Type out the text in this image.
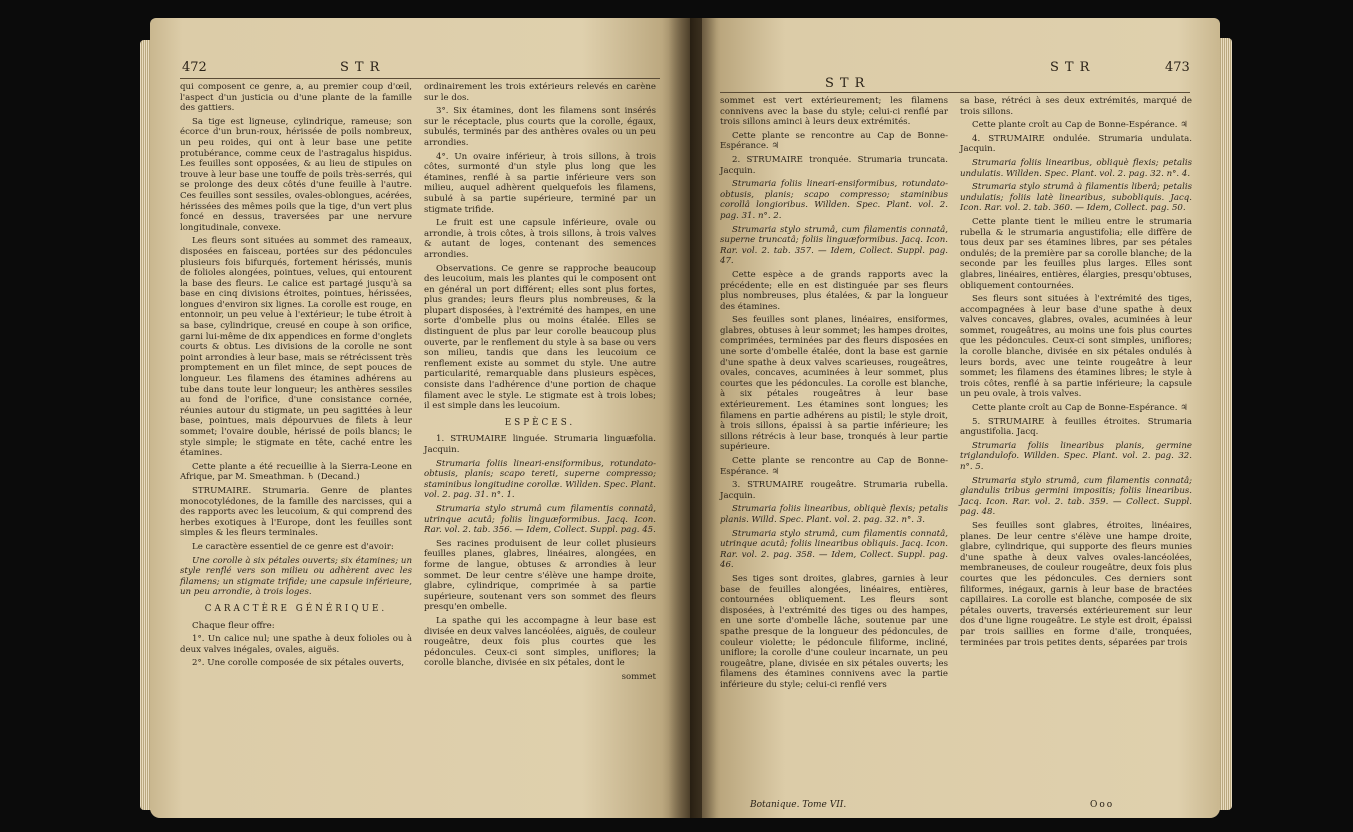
472	STR

qui composent ce genre, a, au premier coup d'œil, l'aspect d'un justicia ou d'une plante de la famille des gattiers.

Sa tige est ligneuse, cylindrique, rameuse; son écorce d'un brun-roux, hérissée de poils nombreux, un peu roides, qui ont à leur base une petite protubérance, comme ceux de l'astragalus hispidus. Les feuilles sont opposées, & au lieu de stipules on trouve à leur base une touffe de poils très-serrés, qui se prolonge des deux côtés d'une feuille à l'autre. Ces feuilles sont sessiles, ovales-oblongues, acérées, hérissées des mêmes poils que la tige, d'un vert plus foncé en dessus, traversées par une nervure longitudinale, convexe.

Les fleurs sont situées au sommet des rameaux, disposées en faisceau, portées sur des pédoncules plusieurs fois bifurqués, fortement hérissés, munis de folioles alongées, pointues, velues, qui entourent la base des fleurs. Le calice est partagé jusqu'à sa base en cinq divisions étroites, pointues, hérissées, longues d'environ six lignes. La corolle est rouge, en entonnoir, un peu velue à l'extérieur; le tube étroit à sa base, cylindrique, creusé en coupe à son orifice, garni lui-même de dix appendices en forme d'onglets courts & obtus. Les divisions de la corolle ne sont point arrondies à leur base, mais se rétrécissent très promptement en un filet mince, de sept pouces de longueur. Les filamens des étamines adhérens au tube dans toute leur longueur; les anthères sessiles au fond de l'orifice, d'une consistance cornée, réunies autour du stigmate, un peu sagittées à leur base, pointues, mais dépourvues de filets à leur sommet; l'ovaire double, hérissé de poils blancs; le style simple; le stigmate en tête, caché entre les étamines.

Cette plante a été recueillie à la Sierra-Leone en Afrique, par M. Smeathman. ♄ (Decand.)

STRUMAIRE. Strumaria. Genre de plantes monocotylédones, de la famille des narcisses, qui a des rapports avec les leucoium, & qui comprend des herbes exotiques à l'Europe, dont les feuilles sont simples & les fleurs terminales.

Le caractère essentiel de ce genre est d'avoir:

Une corolle à six pétales ouverts; six étamines; un style renflé vers son milieu ou adhèrent avec les filamens; un stigmate trifide; une capsule inférieure, un peu arrondie, à trois loges.

CARACTÈRE GÉNÉRIQUE.

Chaque fleur offre:

1°. Un calice nul; une spathe à deux folioles ou à deux valves inégales, ovales, aiguës.

2°. Une corolle composée de six pétales ouverts,

ordinairement les trois extérieurs relevés en carène sur le dos.

3°. Six étamines, dont les filamens sont insérés sur le réceptacle, plus courts que la corolle, égaux, subulés, terminés par des anthères ovales ou un peu arrondies.

4°. Un ovaire inférieur, à trois sillons, à trois côtes, surmonté d'un style plus long que les étamines, renflé à sa partie inférieure vers son milieu, auquel adhèrent quelquefois les filamens, subulé à sa partie supérieure, terminé par un stigmate trifide.

Le fruit est une capsule inférieure, ovale ou arrondie, à trois côtes, à trois sillons, à trois valves & autant de loges, contenant des semences arrondies.

Observations. Ce genre se rapproche beaucoup des leucoium, mais les plantes qui le composent ont en général un port différent; elles sont plus fortes, plus grandes; leurs fleurs plus nombreuses, & la plupart disposées, à l'extrémité des hampes, en une sorte d'ombelle plus ou moins étalée. Elles se distinguent de plus par leur corolle beaucoup plus ouverte, par le renflement du style à sa base ou vers son milieu, tandis que dans les leucoium ce renflement existe au sommet du style. Une autre particularité, remarquable dans plusieurs espèces, consiste dans l'adhérence d'une portion de chaque filament avec le style. Le stigmate est à trois lobes; il est simple dans les leucoium.

ESPÈCES.

1. STRUMAIRE linguée. Strumaria linguæfolia. Jacquin.

Strumaria foliis lineari-ensiformibus, rotundato-obtusis, planis; scapo tereti, superne compresso; staminibus longitudine corollæ. Willden. Spec. Plant. vol. 2. pag. 31. n°. 1.

Strumaria stylo strumâ cum filamentis connatâ, utrinque acutâ; foliis linguæformibus. Jacq. Icon. Rar. vol. 2. tab. 356. — Idem, Collect. Suppl. pag. 45.

Ses racines produisent de leur collet plusieurs feuilles planes, glabres, linéaires, alongées, en forme de langue, obtuses & arrondies à leur sommet. De leur centre s'élève une hampe droite, glabre, cylindrique, comprimée à sa partie supérieure, soutenant vers son sommet des fleurs presqu'en ombelle.

La spathe qui les accompagne à leur base est divisée en deux valves lancéolées, aiguës, de couleur rougeâtre, deux fois plus courtes que les pédoncules. Ceux-ci sont simples, uniflores; la corolle blanche, divisée en six pétales, dont le

sommet

STR
STR	473

sommet est vert extérieurement; les filamens connivens avec la base du style; celui-ci renflé par trois sillons aminci à leurs deux extrémités.

Cette plante se rencontre au Cap de Bonne-Espérance. ♃

2. STRUMAIRE tronquée. Strumaria truncata. Jacquin.

Strumaria foliis lineari-ensiformibus, rotundato-obtusis, planis; scapo compresso; staminibus corollâ longioribus. Willden. Spec. Plant. vol. 2. pag. 31. n°. 2.

Strumaria stylo strumâ, cum filamentis connatâ, superne truncatâ; foliis linguæformibus. Jacq. Icon. Rar. vol. 2. tab. 357. — Idem, Collect. Suppl. pag. 47.

Cette espèce a de grands rapports avec la précédente; elle en est distinguée par ses fleurs plus nombreuses, plus étalées, & par la longueur des étamines.

Ses feuilles sont planes, linéaires, ensiformes, glabres, obtuses à leur sommet; les hampes droites, comprimées, terminées par des fleurs disposées en une sorte d'ombelle étalée, dont la base est garnie d'une spathe à deux valves scarieuses, rougeâtres, ovales, concaves, acuminées à leur sommet, plus courtes que les pédoncules. La corolle est blanche, à six pétales rougeâtres à leur base extérieurement. Les étamines sont longues; les filamens en partie adhérens au pistil; le style droit, à trois sillons, épaissi à sa partie inférieure; les sillons rétrécis à leur base, tronqués à leur partie supérieure.

Cette plante se rencontre au Cap de Bonne-Espérance. ♃

3. STRUMAIRE rougeâtre. Strumaria rubella. Jacquin.

Strumaria foliis linearibus, obliquè flexis; petalis planis. Willd. Spec. Plant. vol. 2. pag. 32. n°. 3.

Strumaria stylo strumâ, cum filamentis connatâ, utrinque acutâ; foliis linearibus obliquis. Jacq. Icon. Rar. vol. 2. pag. 358. — Idem, Collect. Suppl. pag. 46.

Ses tiges sont droites, glabres, garnies à leur base de feuilles alongées, linéaires, entières, contournées obliquement. Les fleurs sont disposées, à l'extrémité des tiges ou des hampes, en une sorte d'ombelle lâche, soutenue par une spathe presque de la longueur des pédoncules, de couleur violette; le pédoncule filiforme, incliné, uniflore; la corolle d'une couleur incarnate, un peu rougeâtre, plane, divisée en six pétales ouverts; les filamens des étamines connivens avec la partie inférieure du style; celui-ci renflé vers

sa base, rétréci à ses deux extrémités, marqué de trois sillons.

Cette plante croît au Cap de Bonne-Espérance. ♃

4. STRUMAIRE ondulée. Strumaria undulata. Jacquin.

Strumaria foliis linearibus, obliquè flexis; petalis undulatis. Willden. Spec. Plant. vol. 2. pag. 32. n°. 4.

Strumaria stylo strumâ à filamentis liberâ; petalis undulatis; foliis latè linearibus, subobliquis. Jacq. Icon. Rar. vol. 2. tab. 360. — Idem, Collect. pag. 50.

Cette plante tient le milieu entre le strumaria rubella & le strumaria angustifolia; elle diffère de tous deux par ses étamines libres, par ses pétales ondulés; de la première par sa corolle blanche; de la seconde par les feuilles plus larges. Elles sont glabres, linéaires, entières, élargies, presqu'obtuses, obliquement contournées.

Ses fleurs sont situées à l'extrémité des tiges, accompagnées à leur base d'une spathe à deux valves concaves, glabres, ovales, acuminées à leur sommet, rougeâtres, au moins une fois plus courtes que les pédoncules. Ceux-ci sont simples, uniflores; la corolle blanche, divisée en six pétales ondulés à leurs bords, avec une teinte rougeâtre à leur sommet; les filamens des étamines libres; le style à trois côtes, renflé à sa partie inférieure; la capsule un peu ovale, à trois valves.

Cette plante croît au Cap de Bonne-Espérance. ♃

5. STRUMAIRE à feuilles étroites. Strumaria angustifolia. Jacq.

Strumaria foliis linearibus planis, germine triglandulofo. Willden. Spec. Plant. vol. 2. pag. 32. n°. 5.

Strumaria stylo strumâ, cum filamentis connatâ; glandulis tribus germini impositis; foliis linearibus. Jacq. Icon. Rar. vol. 2. tab. 359. — Collect. Suppl. pag. 48.

Ses feuilles sont glabres, étroites, linéaires, planes. De leur centre s'élève une hampe droite, glabre, cylindrique, qui supporte des fleurs munies d'une spathe à deux valves ovales-lancéolées, membraneuses, de couleur rougeâtre, deux fois plus courtes que les pédoncules. Ces derniers sont filiformes, inégaux, garnis à leur base de bractées capillaires. La corolle est blanche, composée de six pétales ouverts, traversés extérieurement sur leur dos d'une ligne rougeâtre. Le style est droit, épaissi par trois saillies en forme d'aile, tronquées, terminées par trois petites dents, séparées par trois

Botanique. Tome VII.	Ooo
